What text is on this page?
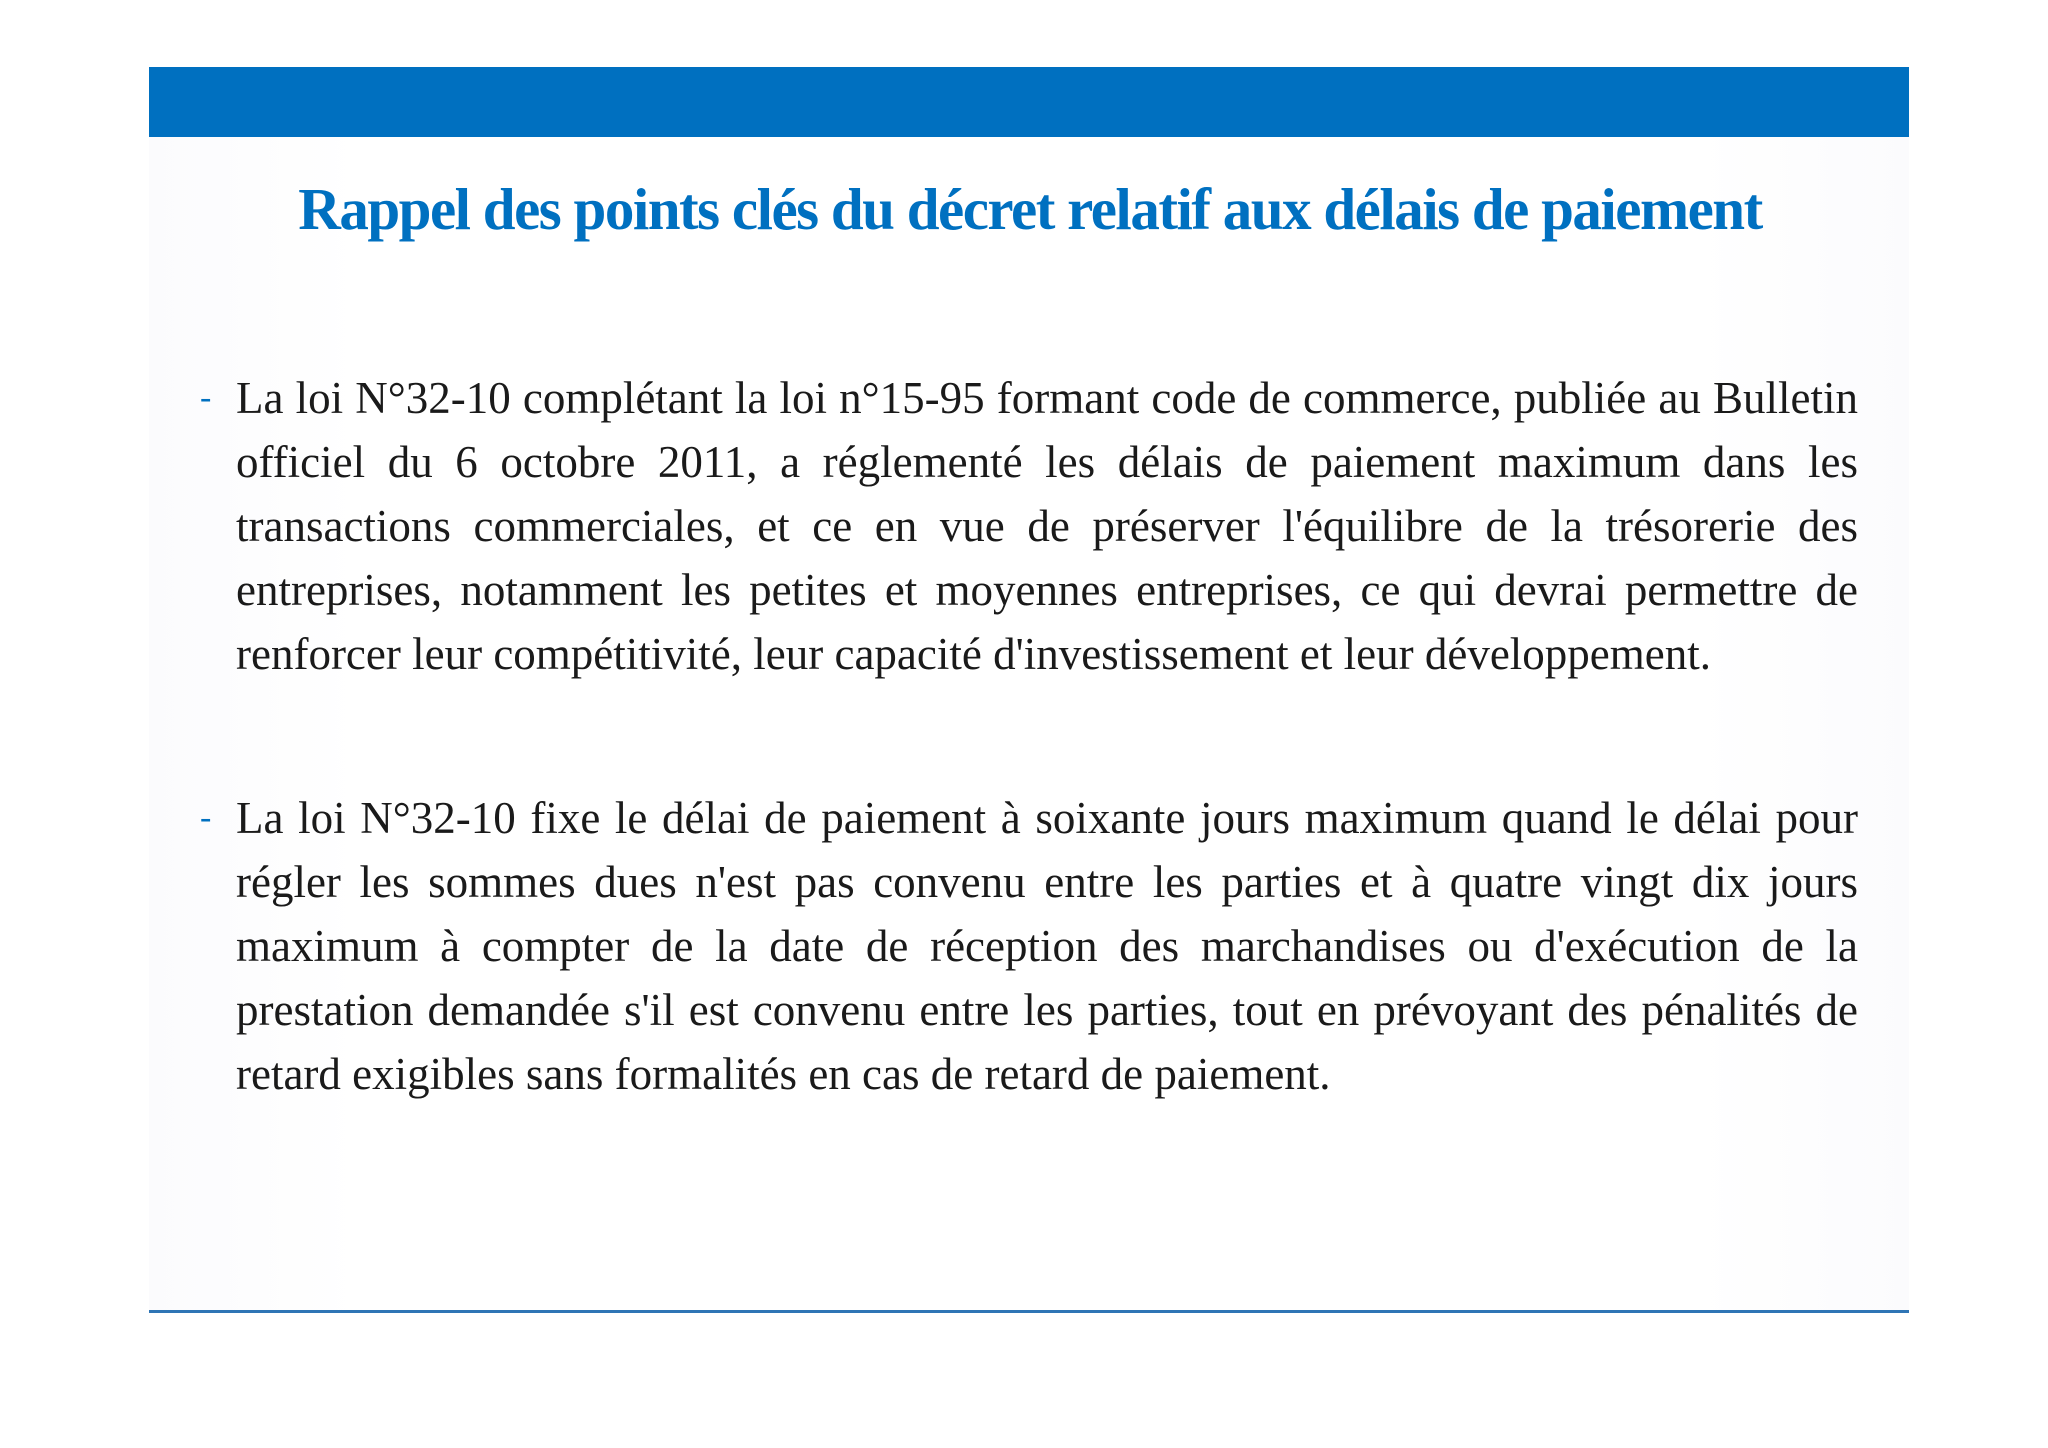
Rappel des points clés du décret relatif aux délais de paiement
- La loi N°32-10 complétant la loi n°15-95 formant code de commerce, publiée au Bulletin officiel du 6 octobre 2011, a réglementé les délais de paiement maximum dans les transactions commerciales, et ce en vue de préserver l'équilibre de la trésorerie des entreprises, notamment les petites et moyennes entreprises, ce qui devrai permettre de renforcer leur compétitivité, leur capacité d'investissement et leur développement.
- La loi N°32-10 fixe le délai de paiement à soixante jours maximum quand le délai pour régler les sommes dues n'est pas convenu entre les parties et à quatre vingt dix jours maximum à compter de la date de réception des marchandises ou d'exécution de la prestation demandée s'il est convenu entre les parties, tout en prévoyant des pénalités de retard exigibles sans formalités en cas de retard de paiement.
